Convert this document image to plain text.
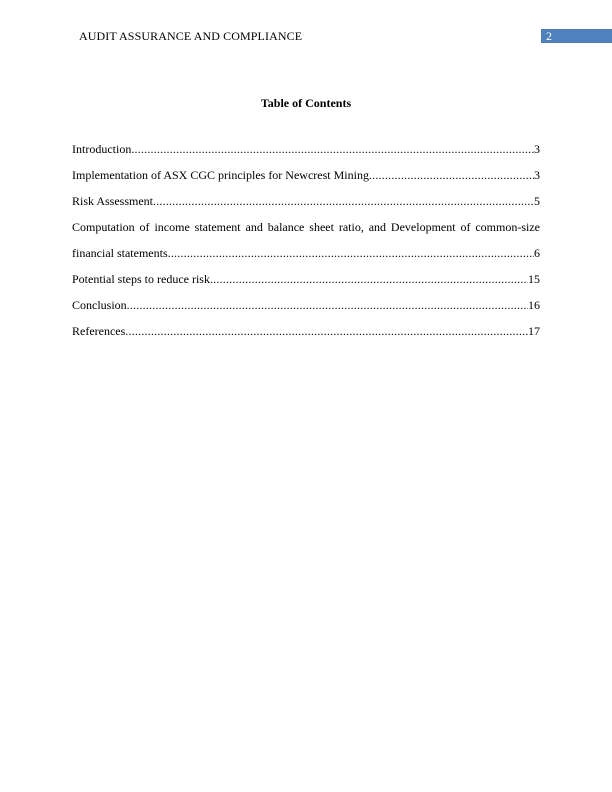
AUDIT ASSURANCE AND COMPLIANCE	2
Table of Contents
Introduction .....	3
Implementation of ASX CGC principles for Newcrest Mining .....	3
Risk Assessment .....	5
Computation of income statement and balance sheet ratio, and Development of common-size
financial statements .....	6
Potential steps to reduce risk .....	15
Conclusion .....	16
References .....	17
